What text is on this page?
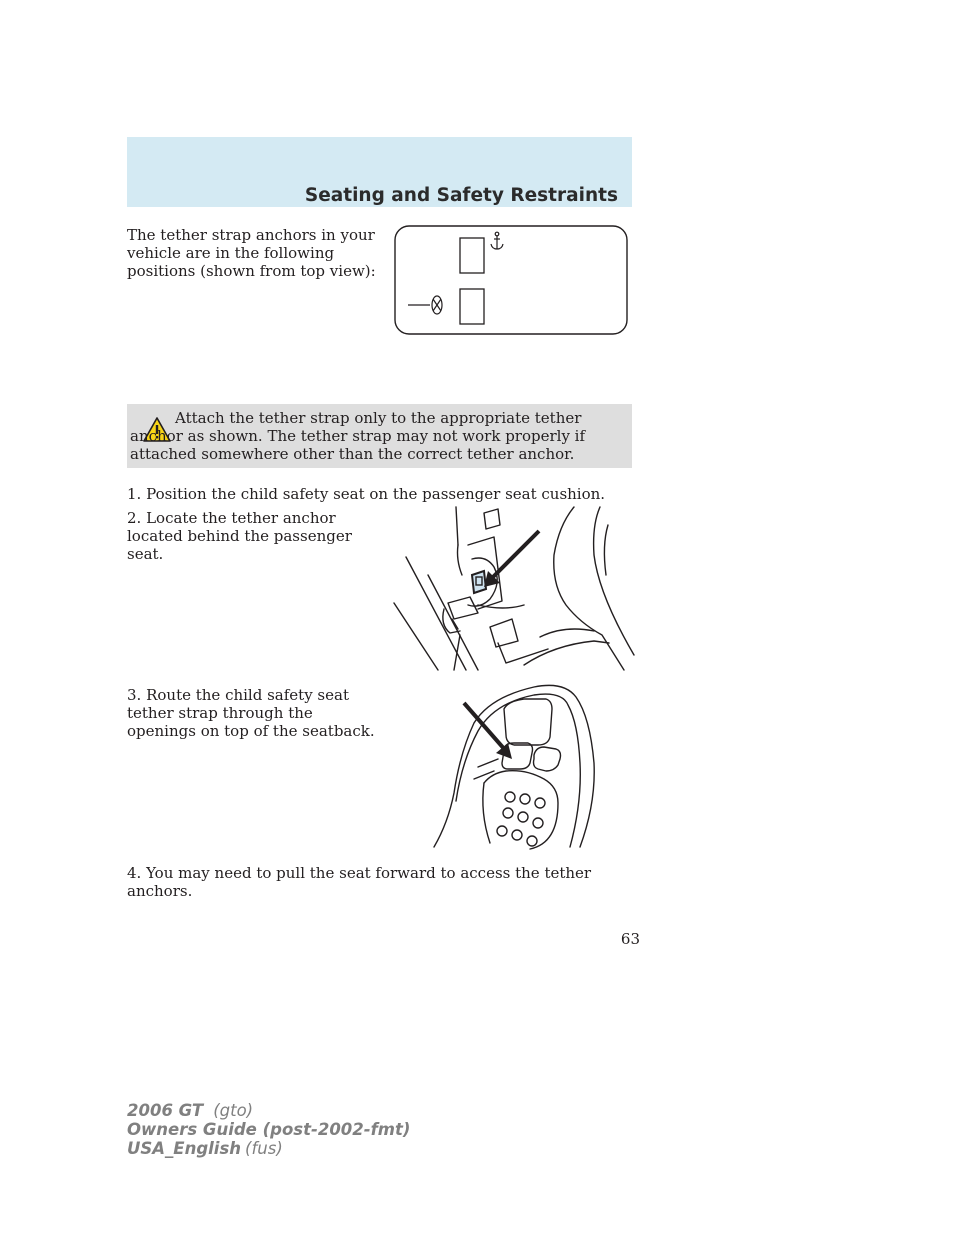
Seating and Safety Restraints

The tether strap anchors in your vehicle are in the following positions (shown from top view):

Attach the tether strap only to the appropriate tether anchor as shown. The tether strap may not work properly if attached somewhere other than the correct tether anchor.

1. Position the child safety seat on the passenger seat cushion.

2. Locate the tether anchor located behind the passenger seat.

3. Route the child safety seat tether strap through the openings on top of the seatback.

4. You may need to pull the seat forward to access the tether anchors.

63
2006 GT (gto)
Owners Guide (post-2002-fmt)
USA_English (fus)
